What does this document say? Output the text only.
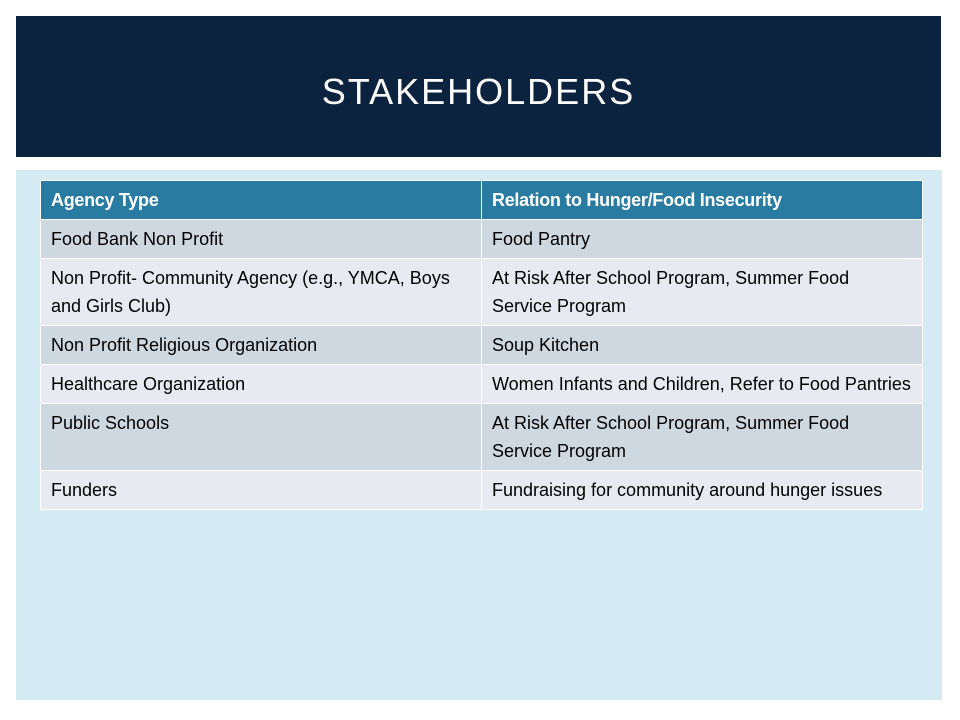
STAKEHOLDERS
Agency Type	Relation to Hunger/Food Insecurity
Food Bank Non Profit	Food Pantry
Non Profit- Community Agency (e.g., YMCA, Boys and Girls Club)	At Risk After School Program, Summer Food Service Program
Non Profit Religious Organization	Soup Kitchen
Healthcare Organization	Women Infants and Children, Refer to Food Pantries
Public Schools	At Risk After School Program, Summer Food Service Program
Funders	Fundraising for community around hunger issues
